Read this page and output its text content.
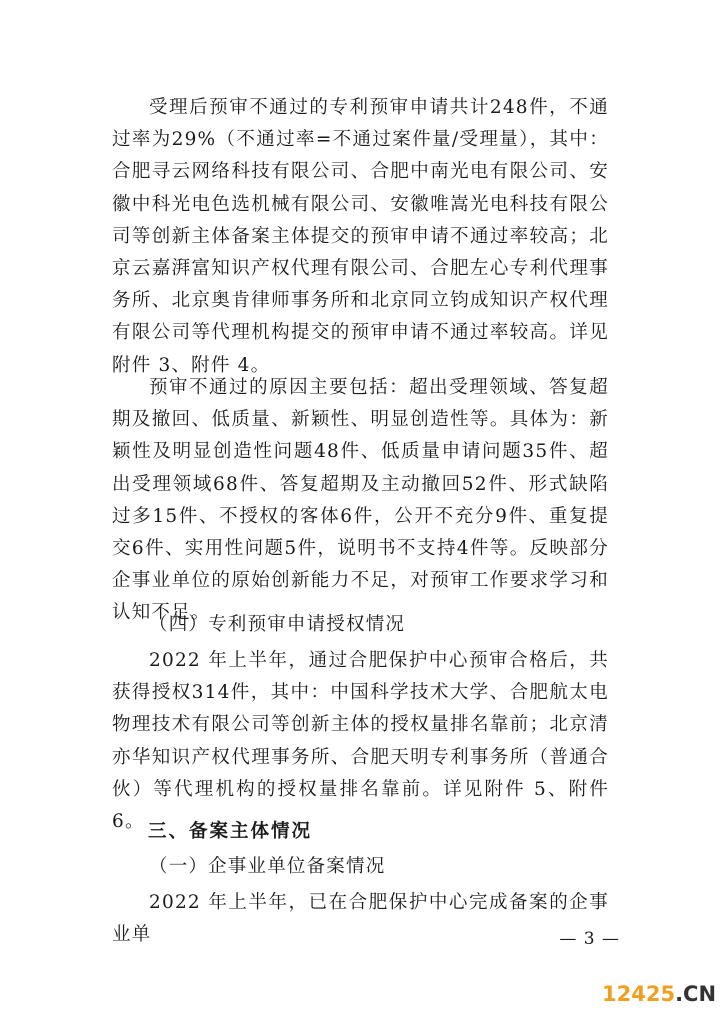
受理后预审不通过的专利预审申请共计248件，不通过率为29%（不通过率=不通过案件量/受理量），其中：合肥寻云网络科技有限公司、合肥中南光电有限公司、安徽中科光电色选机械有限公司、安徽唯嵩光电科技有限公司等创新主体备案主体提交的预审申请不通过率较高；北京云嘉湃富知识产权代理有限公司、合肥左心专利代理事务所、北京奥肯律师事务所和北京同立钧成知识产权代理有限公司等代理机构提交的预审申请不通过率较高。详见附件 3、附件 4。

预审不通过的原因主要包括：超出受理领域、答复超期及撤回、低质量、新颖性、明显创造性等。具体为：新颖性及明显创造性问题48件、低质量申请问题35件、超出受理领域68件、答复超期及主动撤回52件、形式缺陷过多15件、不授权的客体6件，公开不充分9件、重复提交6件、实用性问题5件，说明书不支持4件等。反映部分企事业单位的原始创新能力不足，对预审工作要求学习和认知不足。

（四）专利预审申请授权情况

2022 年上半年，通过合肥保护中心预审合格后，共获得授权314件，其中：中国科学技术大学、合肥航太电物理技术有限公司等创新主体的授权量排名靠前；北京清亦华知识产权代理事务所、合肥天明专利事务所（普通合伙）等代理机构的授权量排名靠前。详见附件 5、附件 6。 三、备案主体情况

（一）企事业单位备案情况

2022 年上半年，已在合肥保护中心完成备案的企事业单	— 3 —
12425.CN
